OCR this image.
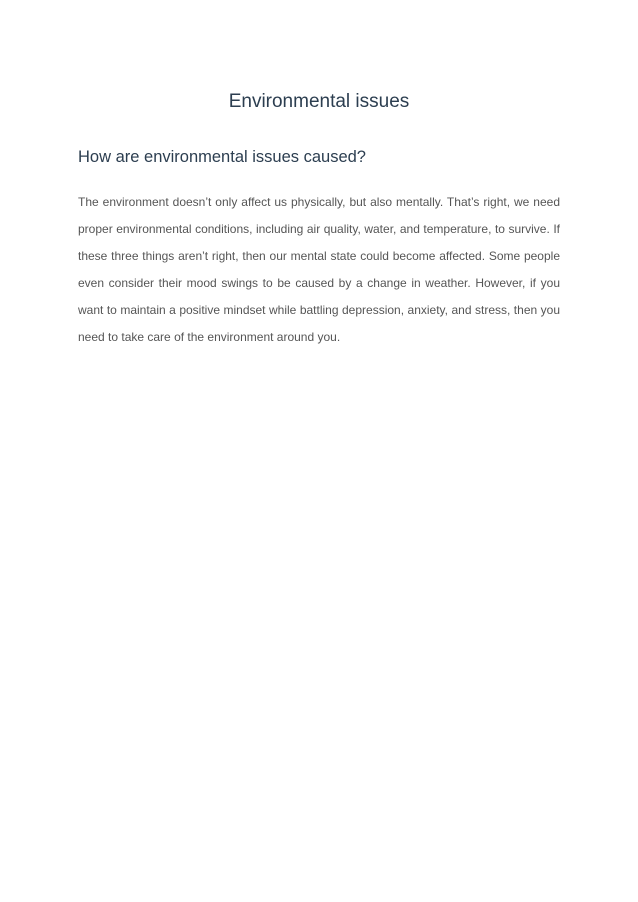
Environmental issues
How are environmental issues caused?

The environment doesn’t only affect us physically, but also mentally. That’s right, we need proper environmental conditions, including air quality, water, and temperature, to survive. If these three things aren’t right, then our mental state could become affected. Some people even consider their mood swings to be caused by a change in weather. However, if you want to maintain a positive mindset while battling depression, anxiety, and stress, then you need to take care of the environment around you.
